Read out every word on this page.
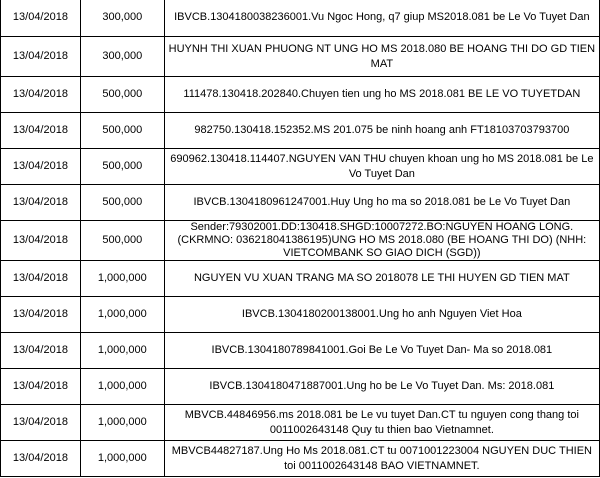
13/04/2018	300,000	IBVCB.1304180038236001.Vu Ngoc Hong, q7 giup MS2018.081 be Le Vo Tuyet Dan
13/04/2018	300,000	HUYNH THI XUAN PHUONG NT UNG HO MS 2018.080 BE HOANG THI DO GD TIEN MAT
13/04/2018	500,000	111478.130418.202840.Chuyen tien ung ho MS 2018.081 BE LE VO TUYETDAN
13/04/2018	500,000	982750.130418.152352.MS 201.075 be ninh hoang anh FT18103703793700
13/04/2018	500,000	690962.130418.114407.NGUYEN VAN THU chuyen khoan ung ho MS 2018.081 be Le Vo Tuyet Dan
13/04/2018	500,000	IBVCB.1304180961247001.Huy Ung ho ma so 2018.081 be Le Vo Tuyet Dan
13/04/2018	500,000	Sender:79302001.DD:130418.SHGD:10007272.BO:NGUYEN HOANG LONG.(CKRMNO: 036218041386195)UNG HO MS 2018.080 (BE HOANG THI DO) (NHH: VIETCOMBANK SO GIAO DICH (SGD))
13/04/2018	1,000,000	NGUYEN VU XUAN TRANG MA SO 2018078 LE THI HUYEN GD TIEN MAT
13/04/2018	1,000,000	IBVCB.1304180200138001.Ung ho anh Nguyen Viet Hoa
13/04/2018	1,000,000	IBVCB.1304180789841001.Goi Be Le Vo Tuyet Dan- Ma so 2018.081
13/04/2018	1,000,000	IBVCB.1304180471887001.Ung ho be Le Vo Tuyet Dan. Ms: 2018.081
13/04/2018	1,000,000	MBVCB.44846956.ms 2018.081 be Le vu tuyet Dan.CT tu nguyen cong thang toi 0011002643148 Quy tu thien bao Vietnamnet.
13/04/2018	1,000,000	MBVCB44827187.Ung Ho Ms 2018.081.CT tu 0071001223004 NGUYEN DUC THIEN toi 0011002643148 BAO VIETNAMNET.
